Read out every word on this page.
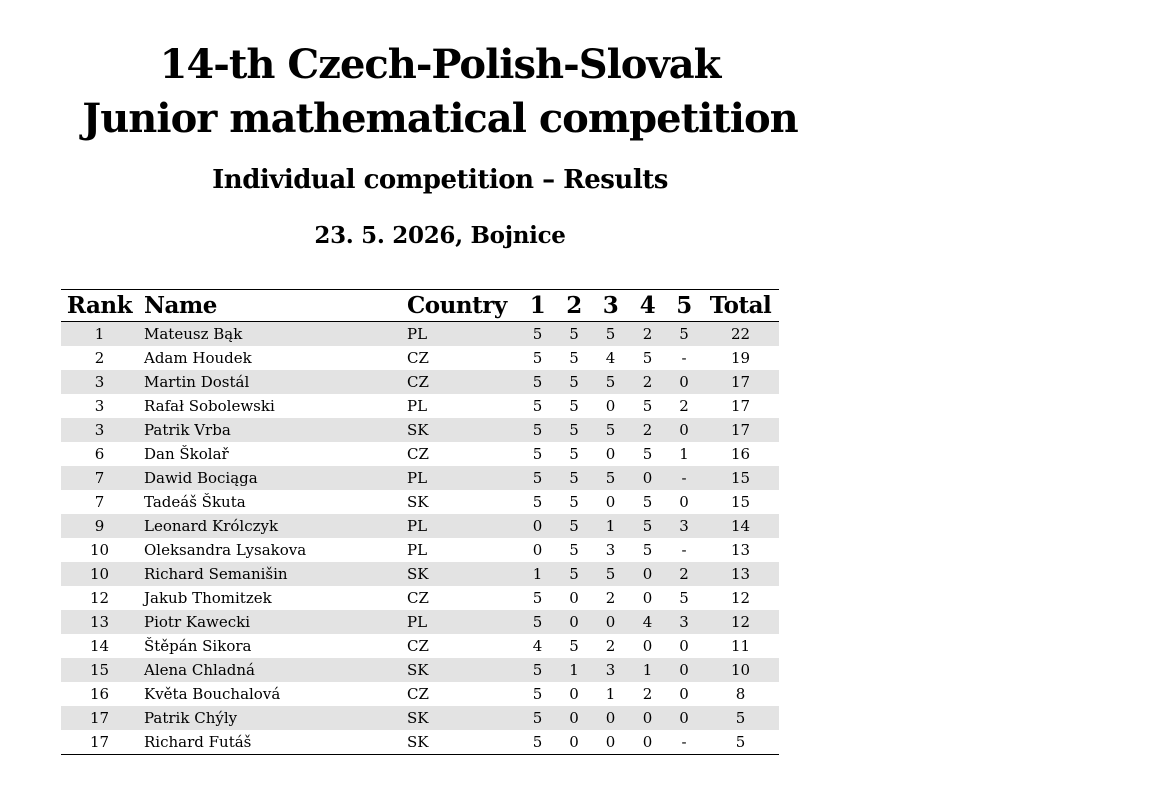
14-th Czech-Polish-Slovak
Junior mathematical competition
Individual competition – Results
23. 5. 2026, Bojnice
Rank	Name	Country	1	2	3	4	5	Total
1	Mateusz Bąk	PL	5	5	5	2	5	22
2	Adam Houdek	CZ	5	5	4	5	-	19
3	Martin Dostál	CZ	5	5	5	2	0	17
3	Rafał Sobolewski	PL	5	5	0	5	2	17
3	Patrik Vrba	SK	5	5	5	2	0	17
6	Dan Školař	CZ	5	5	0	5	1	16
7	Dawid Bociąga	PL	5	5	5	0	-	15
7	Tadeáš Škuta	SK	5	5	0	5	0	15
9	Leonard Królczyk	PL	0	5	1	5	3	14
10	Oleksandra Lysakova	PL	0	5	3	5	-	13
10	Richard Semanišin	SK	1	5	5	0	2	13
12	Jakub Thomitzek	CZ	5	0	2	0	5	12
13	Piotr Kawecki	PL	5	0	0	4	3	12
14	Štěpán Sikora	CZ	4	5	2	0	0	11
15	Alena Chladná	SK	5	1	3	1	0	10
16	Květa Bouchalová	CZ	5	0	1	2	0	8
17	Patrik Chýly	SK	5	0	0	0	0	5
17	Richard Futáš	SK	5	0	0	0	-	5
